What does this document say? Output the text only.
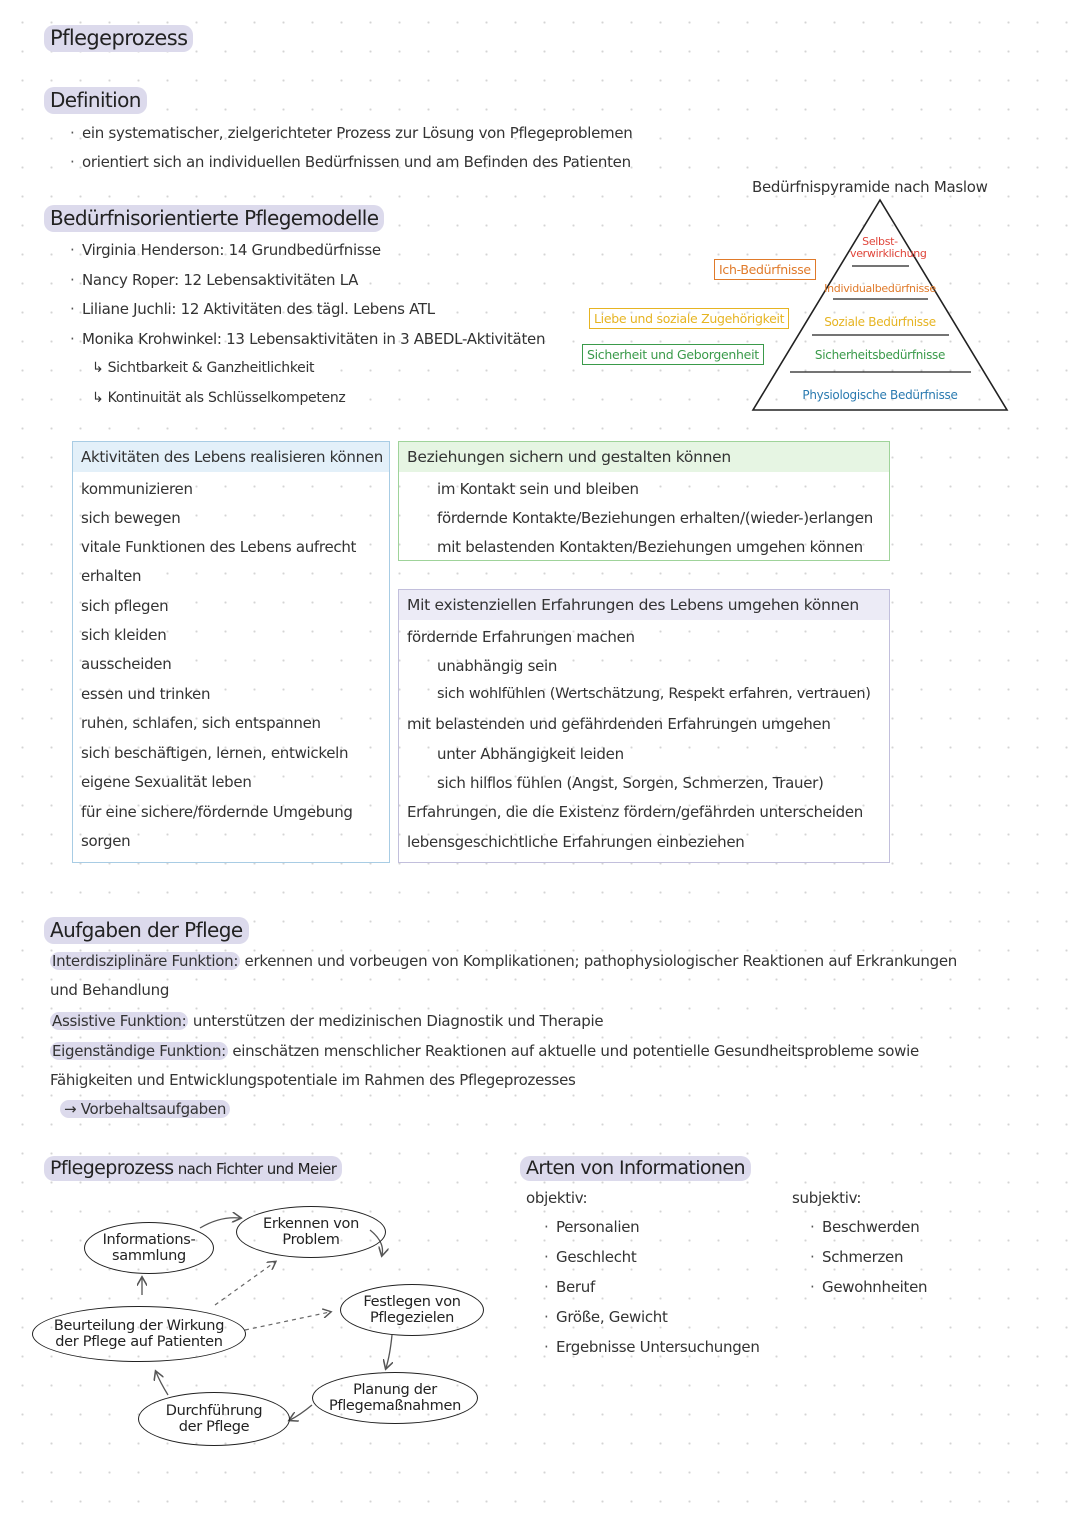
Pflegeprozess
Definition
· ein systematischer, zielgerichteter Prozess zur Lösung von Pflegeproblemen
· orientiert sich an individuellen Bedürfnissen und am Befinden des Patienten
Bedürfnisorientierte Pflegemodelle
· Virginia Henderson: 14 Grundbedürfnisse
· Nancy Roper: 12 Lebensaktivitäten LA
· Liliane Juchli: 12 Aktivitäten des tägl. Lebens ATL
· Monika Krohwinkel: 13 Lebensaktivitäten in 3 ABEDL-Aktivitäten
↳ Sichtbarkeit & Ganzheitlichkeit
↳ Kontinuität als Schlüsselkompetenz
Bedürfnispyramide nach Maslow
Selbst-verwirklichung
Individualbedürfnisse
Soziale Bedürfnisse
Sicherheitsbedürfnisse
Physiologische Bedürfnisse
Ich-Bedürfnisse
Liebe und soziale Zugehörigkeit
Sicherheit und Geborgenheit
Aktivitäten des Lebens realisieren können
kommunizieren
sich bewegen
vitale Funktionen des Lebens aufrecht
erhalten
sich pflegen
sich kleiden
ausscheiden
essen und trinken
ruhen, schlafen, sich entspannen
sich beschäftigen, lernen, entwickeln
eigene Sexualität leben
für eine sichere/fördernde Umgebung
sorgen
Beziehungen sichern und gestalten können
im Kontakt sein und bleiben
fördernde Kontakte/Beziehungen erhalten/(wieder-)erlangen
mit belastenden Kontakten/Beziehungen umgehen können
Mit existenziellen Erfahrungen des Lebens umgehen können
fördernde Erfahrungen machen
unabhängig sein
sich wohlfühlen (Wertschätzung, Respekt erfahren, vertrauen)
mit belastenden und gefährdenden Erfahrungen umgehen
unter Abhängigkeit leiden
sich hilflos fühlen (Angst, Sorgen, Schmerzen, Trauer)
Erfahrungen, die die Existenz fördern/gefährden unterscheiden
lebensgeschichtliche Erfahrungen einbeziehen
Aufgaben der Pflege
Interdisziplinäre Funktion: erkennen und vorbeugen von Komplikationen; pathophysiologischer Reaktionen auf Erkrankungen
und Behandlung
Assistive Funktion: unterstützen der medizinischen Diagnostik und Therapie
Eigenständige Funktion: einschätzen menschlicher Reaktionen auf aktuelle und potentielle Gesundheitsprobleme sowie
Fähigkeiten und Entwicklungspotentiale im Rahmen des Pflegeprozesses
→ Vorbehaltsaufgaben
Pflegeprozess nach Fichter und Meier
Informations-sammlung
Erkennen von Problem
Festlegen von Pflegezielen
Planung der Pflegemaßnahmen
Durchführung der Pflege
Beurteilung der Wirkung der Pflege auf Patienten
Arten von Informationen
objektiv:
· Personalien
· Geschlecht
· Beruf
· Größe, Gewicht
· Ergebnisse Untersuchungen
subjektiv:
· Beschwerden
· Schmerzen
· Gewohnheiten
